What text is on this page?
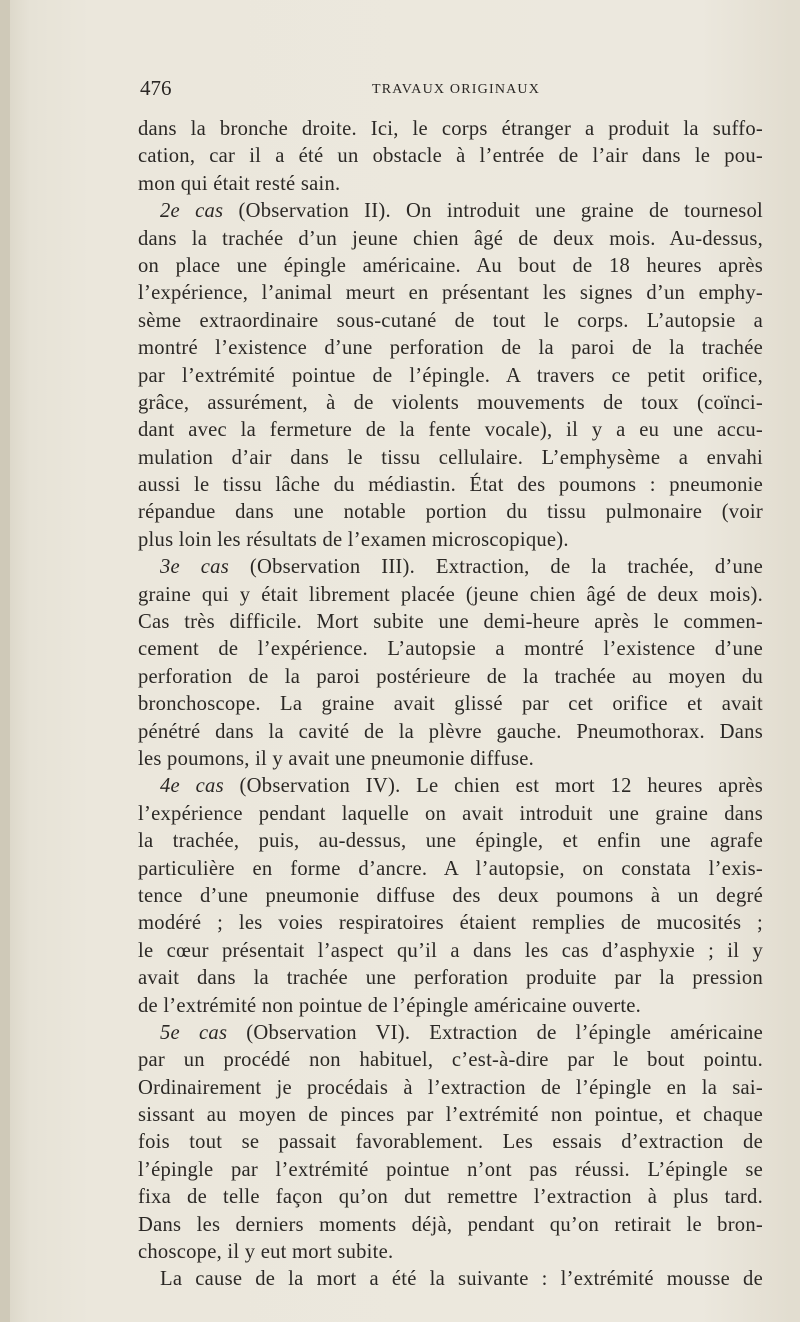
476	TRAVAUX ORIGINAUX
dans la bronche droite. Ici, le corps étranger a produit la suffo-
cation, car il a été un obstacle à l’entrée de l’air dans le pou-
mon qui était resté sain.
2e cas (Observation II). On introduit une graine de tournesol
dans la trachée d’un jeune chien âgé de deux mois. Au-dessus,
on place une épingle américaine. Au bout de 18 heures après
l’expérience, l’animal meurt en présentant les signes d’un emphy-
sème extraordinaire sous-cutané de tout le corps. L’autopsie a
montré l’existence d’une perforation de la paroi de la trachée
par l’extrémité pointue de l’épingle. A travers ce petit orifice,
grâce, assurément, à de violents mouvements de toux (coïnci-
dant avec la fermeture de la fente vocale), il y a eu une accu-
mulation d’air dans le tissu cellulaire. L’emphysème a envahi
aussi le tissu lâche du médiastin. État des poumons : pneumonie
répandue dans une notable portion du tissu pulmonaire (voir
plus loin les résultats de l’examen microscopique).
3e cas (Observation III). Extraction, de la trachée, d’une
graine qui y était librement placée (jeune chien âgé de deux mois).
Cas très difficile. Mort subite une demi-heure après le commen-
cement de l’expérience. L’autopsie a montré l’existence d’une
perforation de la paroi postérieure de la trachée au moyen du
bronchoscope. La graine avait glissé par cet orifice et avait
pénétré dans la cavité de la plèvre gauche. Pneumothorax. Dans
les poumons, il y avait une pneumonie diffuse.
4e cas (Observation IV). Le chien est mort 12 heures après
l’expérience pendant laquelle on avait introduit une graine dans
la trachée, puis, au-dessus, une épingle, et enfin une agrafe
particulière en forme d’ancre. A l’autopsie, on constata l’exis-
tence d’une pneumonie diffuse des deux poumons à un degré
modéré ; les voies respiratoires étaient remplies de mucosités ;
le cœur présentait l’aspect qu’il a dans les cas d’asphyxie ; il y
avait dans la trachée une perforation produite par la pression
de l’extrémité non pointue de l’épingle américaine ouverte.
5e cas (Observation VI). Extraction de l’épingle américaine
par un procédé non habituel, c’est-à-dire par le bout pointu.
Ordinairement je procédais à l’extraction de l’épingle en la sai-
sissant au moyen de pinces par l’extrémité non pointue, et chaque
fois tout se passait favorablement. Les essais d’extraction de
l’épingle par l’extrémité pointue n’ont pas réussi. L’épingle se
fixa de telle façon qu’on dut remettre l’extraction à plus tard.
Dans les derniers moments déjà, pendant qu’on retirait le bron-
choscope, il y eut mort subite.
La cause de la mort a été la suivante : l’extrémité mousse de
